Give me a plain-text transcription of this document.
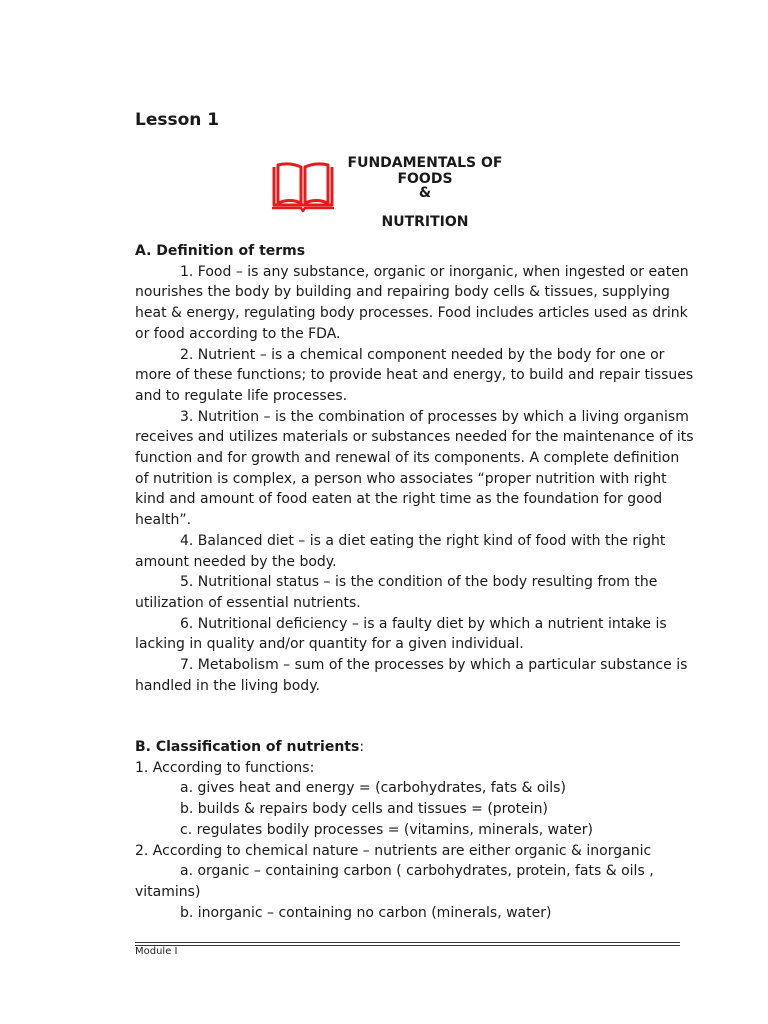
Lesson 1
FUNDAMENTALS OF FOODS
&
NUTRITION
A. Definition of terms

1. Food – is any substance, organic or inorganic, when ingested or eaten nourishes the body by building and repairing body cells & tissues, supplying heat & energy, regulating body processes. Food includes articles used as drink or food according to the FDA.

2. Nutrient – is a chemical component needed by the body for one or more of these functions; to provide heat and energy, to build and repair tissues and to regulate life processes.

3. Nutrition – is the combination of processes by which a living organism receives and utilizes materials or substances needed for the maintenance of its function and for growth and renewal of its components. A complete definition of nutrition is complex, a person who associates “proper nutrition with right kind and amount of food eaten at the right time as the foundation for good health”.

4. Balanced diet – is a diet eating the right kind of food with the right amount needed by the body.

5. Nutritional status – is the condition of the body resulting from the utilization of essential nutrients.

6. Nutritional deficiency – is a faulty diet by which a nutrient intake is lacking in quality and/or quantity for a given individual.

7. Metabolism – sum of the processes by which a particular substance is handled in the living body.

B. Classification of nutrients:

1. According to functions:

a. gives heat and energy = (carbohydrates, fats & oils)

b. builds & repairs body cells and tissues = (protein)

c. regulates bodily processes = (vitamins, minerals, water)

2. According to chemical nature – nutrients are either organic & inorganic

a. organic – containing carbon ( carbohydrates, protein, fats & oils , vitamins)

b. inorganic – containing no carbon (minerals, water)

Module I
